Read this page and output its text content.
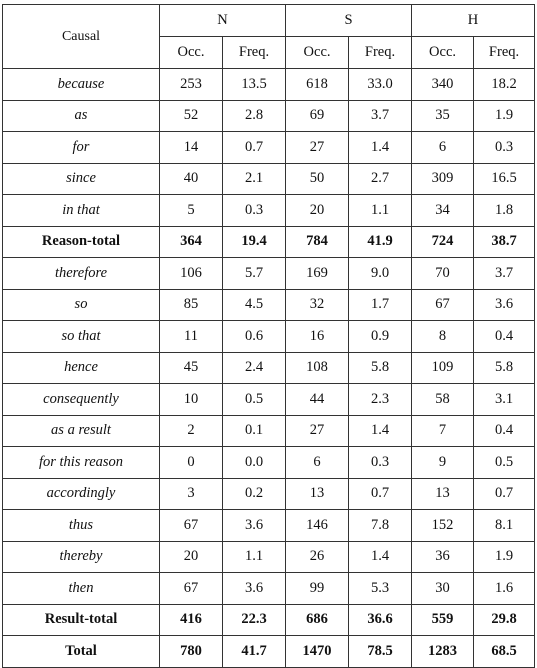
Causal	N		S		H	
	Occ.	Freq.	Occ.	Freq.	Occ.	Freq.
because	253	13.5	618	33.0	340	18.2
as	52	2.8	69	3.7	35	1.9
for	14	0.7	27	1.4	6	0.3
since	40	2.1	50	2.7	309	16.5
in that	5	0.3	20	1.1	34	1.8
Reason-total	364	19.4	784	41.9	724	38.7
therefore	106	5.7	169	9.0	70	3.7
so	85	4.5	32	1.7	67	3.6
so that	11	0.6	16	0.9	8	0.4
hence	45	2.4	108	5.8	109	5.8
consequently	10	0.5	44	2.3	58	3.1
as a result	2	0.1	27	1.4	7	0.4
for this reason	0	0.0	6	0.3	9	0.5
accordingly	3	0.2	13	0.7	13	0.7
thus	67	3.6	146	7.8	152	8.1
thereby	20	1.1	26	1.4	36	1.9
then	67	3.6	99	5.3	30	1.6
Result-total	416	22.3	686	36.6	559	29.8
Total	780	41.7	1470	78.5	1283	68.5
